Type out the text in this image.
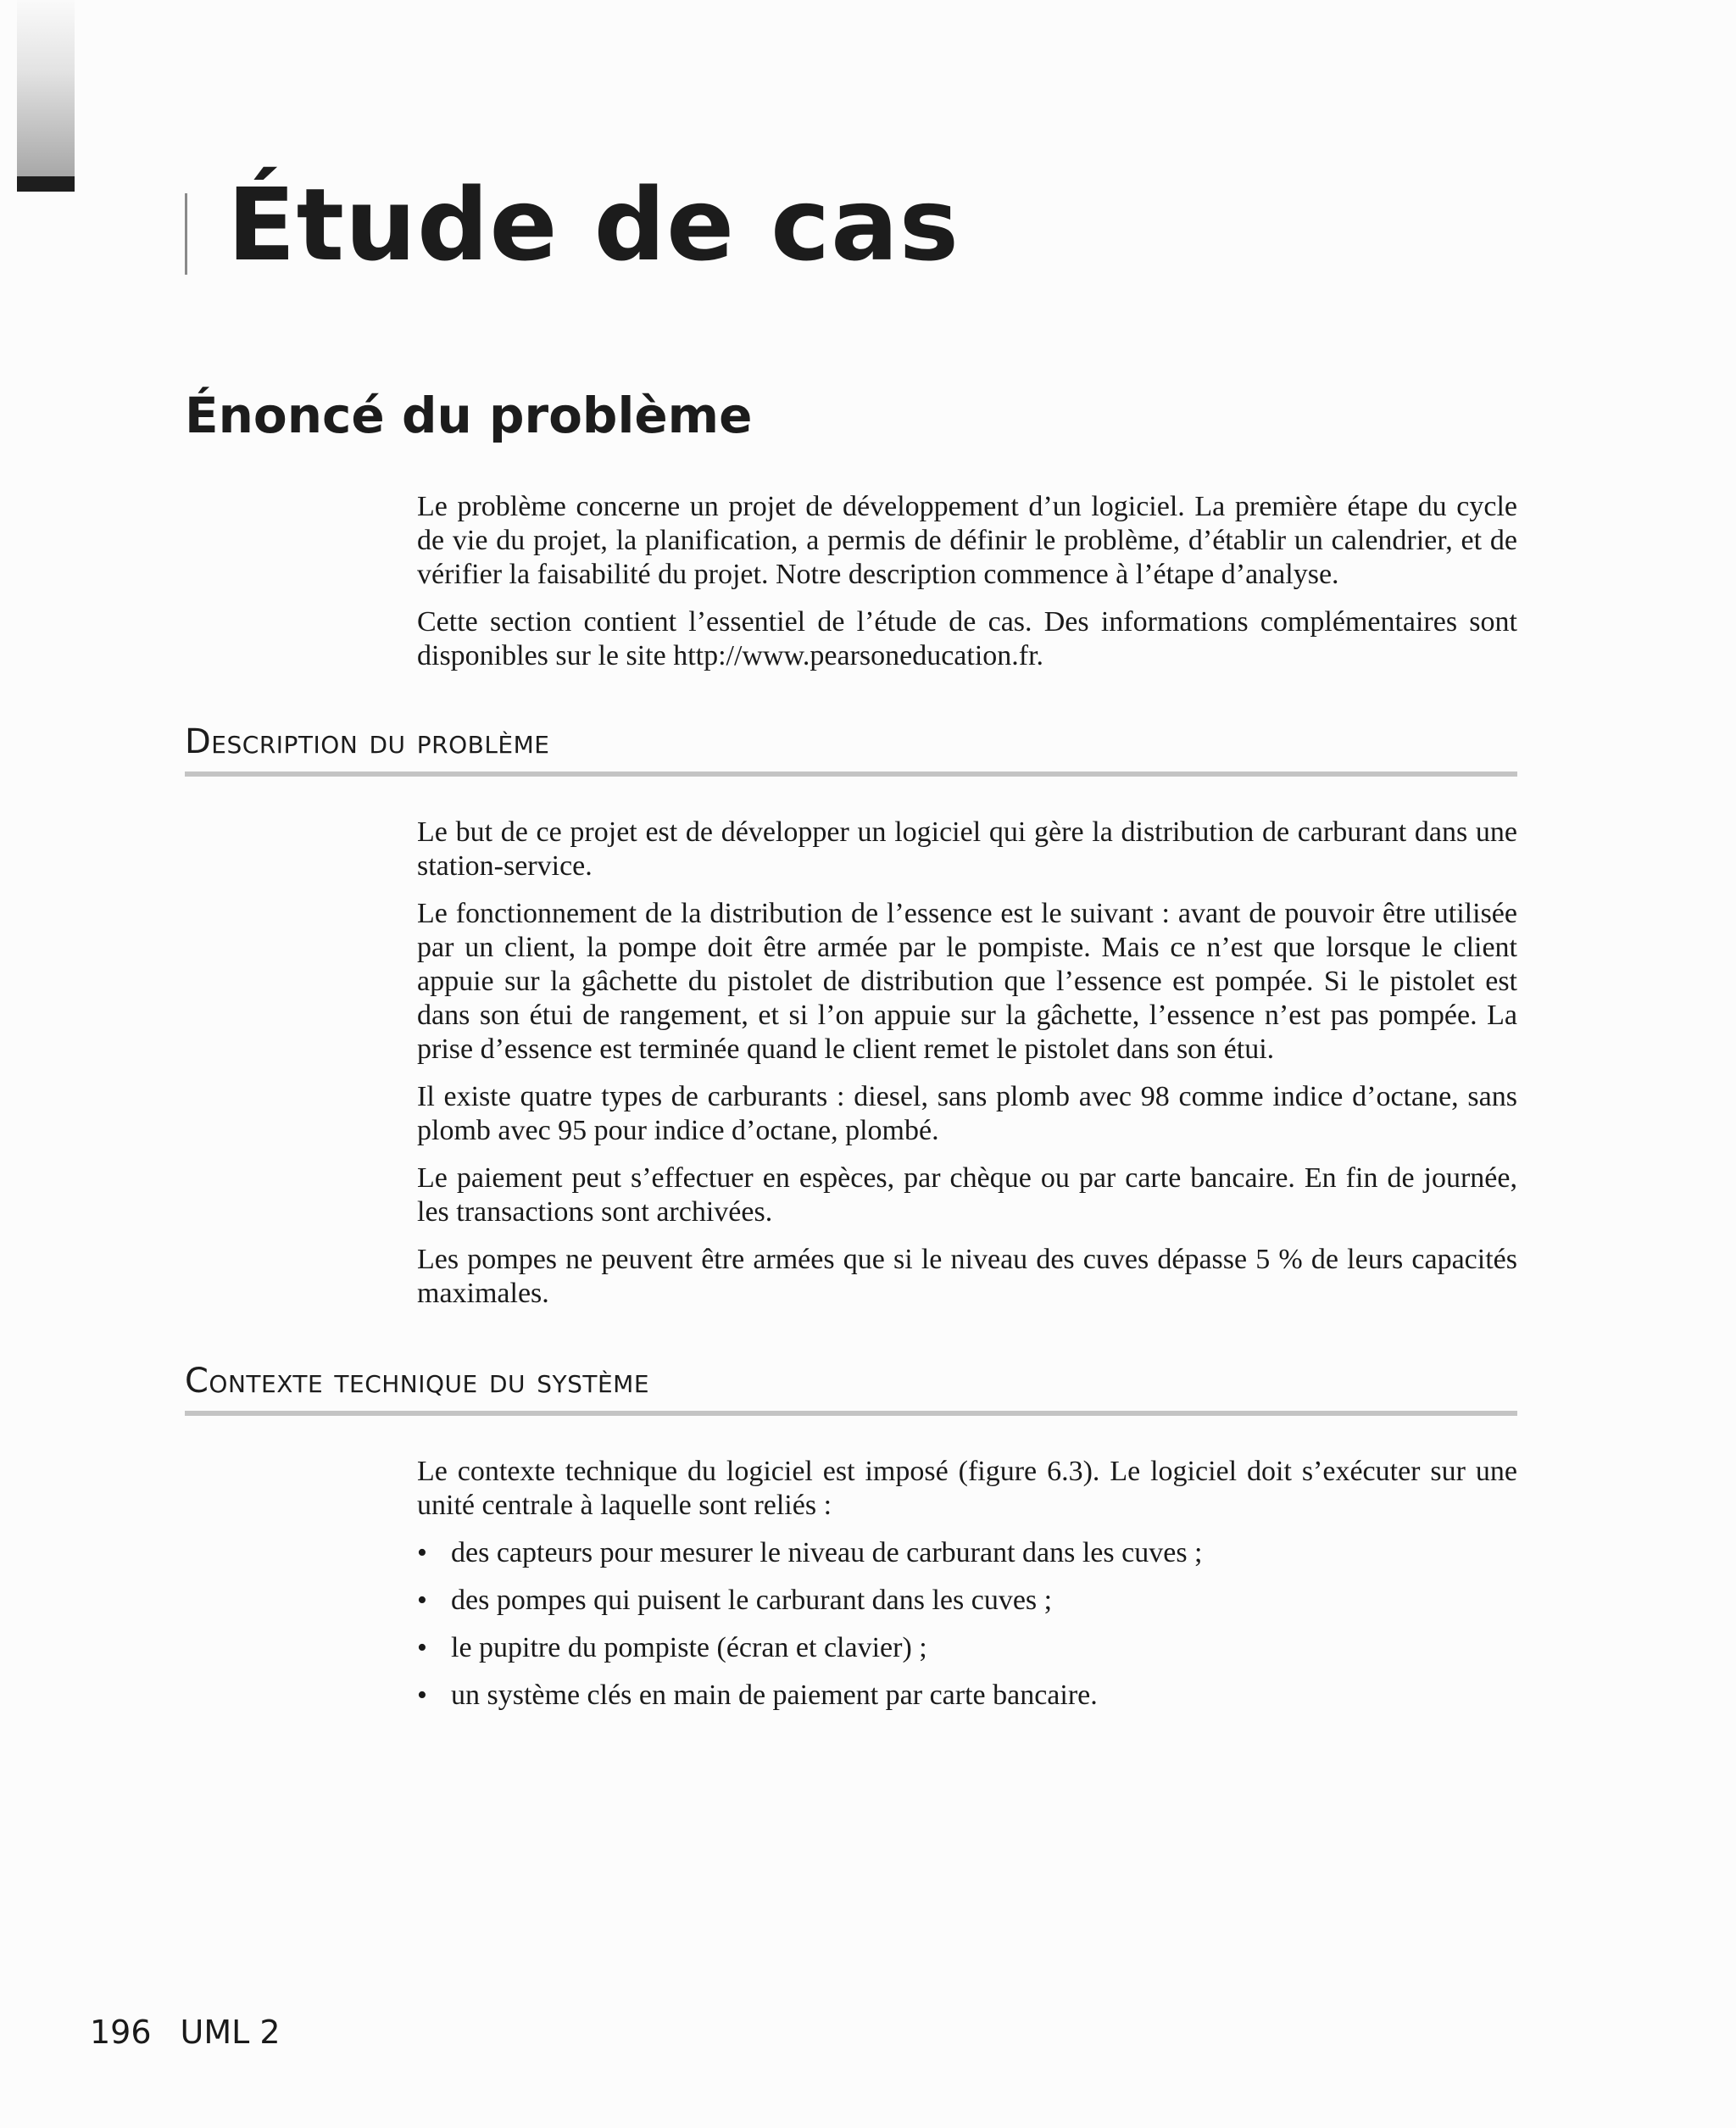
Étude de cas
Énoncé du problème

Le problème concerne un projet de développement d’un logiciel. La première étape du cycle de vie du projet, la planification, a permis de définir le problème, d’établir un calendrier, et de vérifier la faisabilité du projet. Notre description commence à l’étape d’analyse.

Cette section contient l’essentiel de l’étude de cas. Des informations complémentaires sont disponibles sur le site http://www.pearsoneducation.fr.

Description du problème

Le but de ce projet est de développer un logiciel qui gère la distribution de carburant dans une station-service.

Le fonctionnement de la distribution de l’essence est le suivant : avant de pouvoir être utilisée par un client, la pompe doit être armée par le pompiste. Mais ce n’est que lorsque le client appuie sur la gâchette du pistolet de distribution que l’essence est pompée. Si le pistolet est dans son étui de rangement, et si l’on appuie sur la gâchette, l’essence n’est pas pompée. La prise d’essence est terminée quand le client remet le pistolet dans son étui.

Il existe quatre types de carburants : diesel, sans plomb avec 98 comme indice d’octane, sans plomb avec 95 pour indice d’octane, plombé.

Le paiement peut s’effectuer en espèces, par chèque ou par carte bancaire. En fin de journée, les transactions sont archivées.

Les pompes ne peuvent être armées que si le niveau des cuves dépasse 5 % de leurs capacités maximales.

Contexte technique du système

Le contexte technique du logiciel est imposé (figure 6.3). Le logiciel doit s’exécuter sur une unité centrale à laquelle sont reliés :

• des capteurs pour mesurer le niveau de carburant dans les cuves ;
• des pompes qui puisent le carburant dans les cuves ;
• le pupitre du pompiste (écran et clavier) ;
• un système clés en main de paiement par carte bancaire.
196 UML 2
